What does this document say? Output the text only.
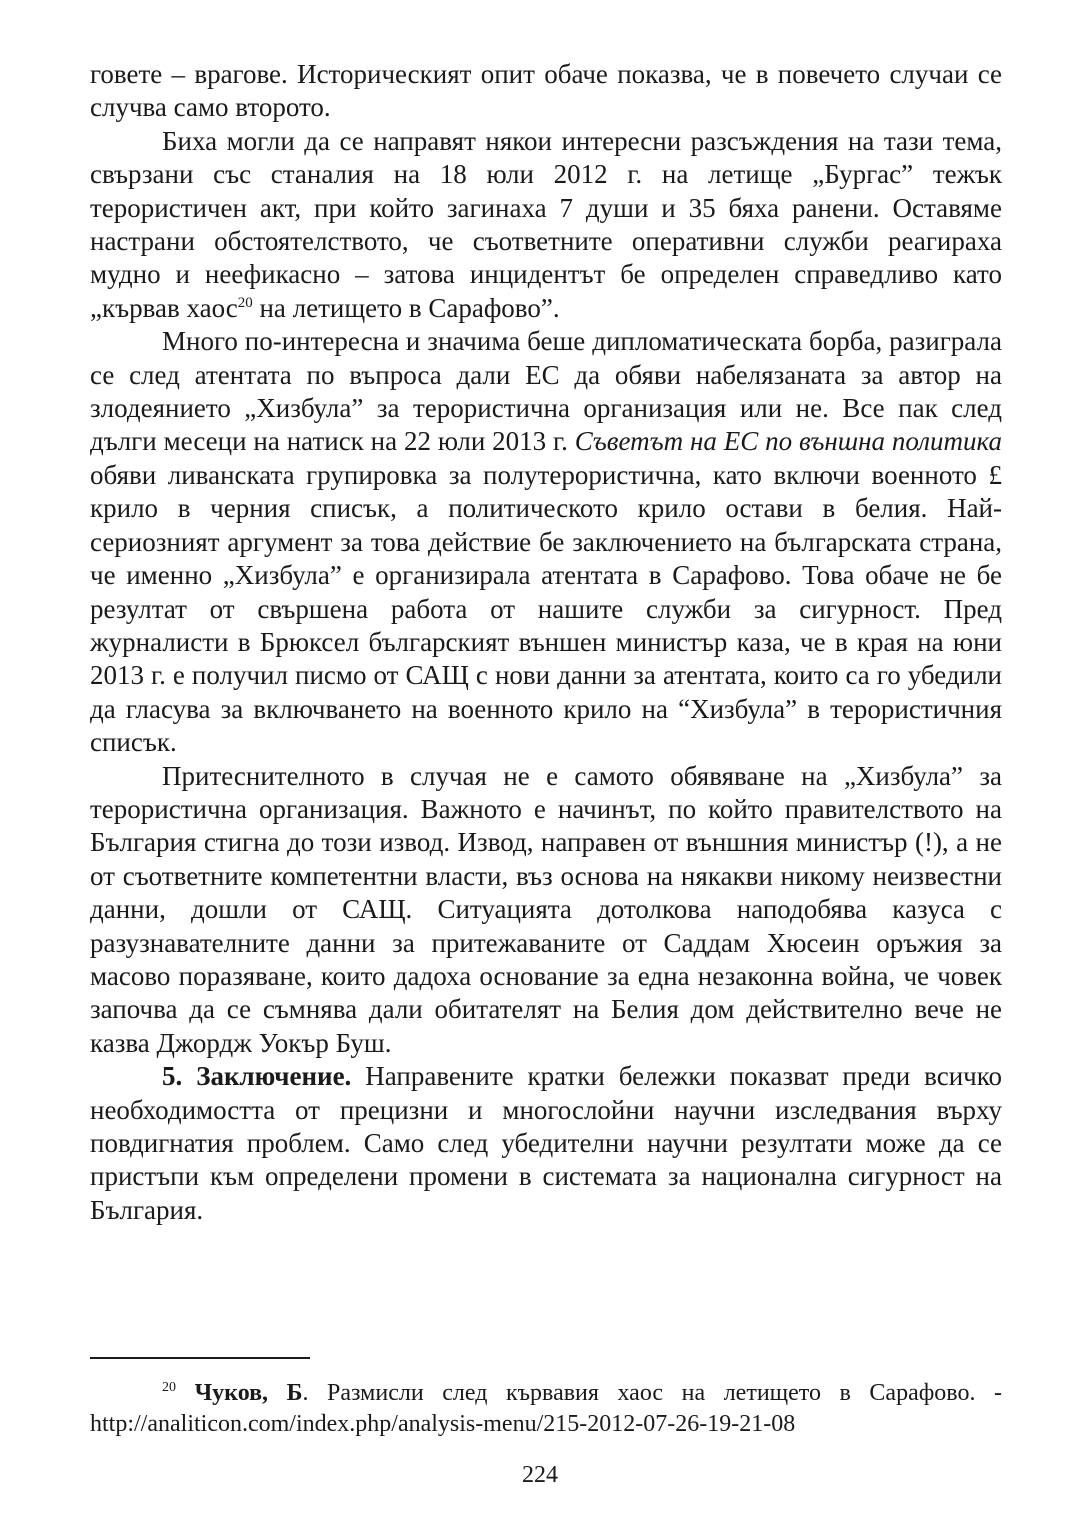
говете – врагове. Историческият опит обаче показва, че в повечето случаи се случва само второто.

Биха могли да се направят някои интересни разсъждения на тази тема, свързани със станалия на 18 юли 2012 г. на летище „Бургас” тежък терористичен акт, при който загинаха 7 души и 35 бяха ранени. Оставяме настрани обстоятелството, че съответните оперативни служби реагираха мудно и неефикасно – затова инцидентът бе определен справедливо като „кървав хаос$^{20}$ на летището в Сарафово”.

Много по-интересна и значима беше дипломатическата борба, разиграла се след атентата по въпроса дали ЕС да обяви набелязаната за автор на злодеянието „Хизбула” за терористична организация или не. Все пак след дълги месеци на натиск на 22 юли 2013 г. Съветът на ЕС по външна политика обяви ливанската групировка за полутерористична, като включи военното £ крило в черния списък, а политическото крило остави в белия. Най-сериозният аргумент за това действие бе заключението на българската страна, че именно „Хизбула” е организирала атентата в Сарафово. Това обаче не бе резултат от свършена работа от нашите служби за сигурност. Пред журналисти в Брюксел българският външен министър каза, че в края на юни 2013 г. е получил писмо от САЩ с нови данни за атентата, които са го убедили да гласува за включването на военното крило на “Хизбула” в терористичния списък.

Притеснителното в случая не е самото обявяване на „Хизбула” за терористична организация. Важното е начинът, по който правителството на България стигна до този извод. Извод, направен от външния министър (!), а не от съответните компетентни власти, въз основа на някакви никому неизвестни данни, дошли от САЩ. Ситуацията дотолкова наподобява казуса с разузнавателните данни за притежаваните от Саддам Хюсеин оръжия за масово поразяване, които дадоха основание за една незаконна война, че човек започва да се съмнява дали обитателят на Белия дом действително вече не казва Джордж Уокър Буш.

5. Заключение. Направените кратки бележки показват преди всичко необходимостта от прецизни и многослойни научни изследвания върху повдигнатия проблем. Само след убедителни научни резултати може да се пристъпи към определени промени в системата за национална сигурност на България.

$^{20}$ Чуков, Б. Размисли след кървавия хаос на летището в Сарафово. - http://analiticon.com/index.php/analysis-menu/215-2012-07-26-19-21-08

224
